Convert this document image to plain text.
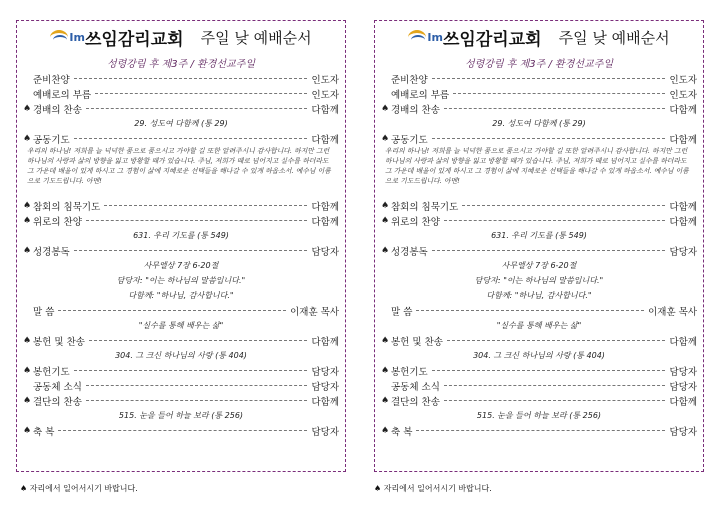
Im쓰임감리교회 주일 낮 예배순서
성령강림 후 제3주 / 환경선교주일
준비찬양	인도자
예배로의 부름	인도자
♠ 경배의 찬송	다함께
29. 성도여 다함께 (통 29)
♠ 공동기도	다함께
우리의 하나님! 저희를 늘 넉넉한 품으로 품으시고 가야할 길 또한 알려주시니 감사합니다. 하지만 그런 하나님의 사랑과 삶의 방향을 잃고 방황할 때가 있습니다. 주님, 저희가 때로 넘어지고 실수를 하더라도 그 가운데 배울이 있게 하시고 그 경험이 삶에 지혜로운 선택들을 해나갈 수 있게 하옵소서. 예수님 이름으로 기도드립니다. 아멘!
♠ 참회의 침묵기도	다함께
♠ 위로의 찬양	다함께
631. 우리 기도를 (통 549)
♠ 성경봉독	담당자
사무엘상 7장 6-20절
담당자: "이는 하나님의 말씀입니다."
다함께: "하나님, 감사합니다."
말 씀	이재훈 목사
"실수를 통해 배우는 삶"
♠ 봉헌 및 찬송	다함께
304. 그 크신 하나님의 사랑 (통 404)
♠ 봉헌기도	담당자
공동체 소식	담당자
♠ 결단의 찬송	다함께
515. 눈을 들어 하늘 보라 (통 256)
♠ 축 복	담당자
Im쓰임감리교회 주일 낮 예배순서
성령강림 후 제3주 / 환경선교주일
준비찬양	인도자
예배로의 부름	인도자
♠ 경배의 찬송	다함께
29. 성도여 다함께 (통 29)
♠ 공동기도	다함께
우리의 하나님! 저희를 늘 넉넉한 품으로 품으시고 가야할 길 또한 알려주시니 감사합니다. 하지만 그런 하나님의 사랑과 삶의 방향을 잃고 방황할 때가 있습니다. 주님, 저희가 때로 넘어지고 실수를 하더라도 그 가운데 배울이 있게 하시고 그 경험이 삶에 지혜로운 선택들을 해나갈 수 있게 하옵소서. 예수님 이름으로 기도드립니다. 아멘!
♠ 참회의 침묵기도	다함께
♠ 위로의 찬양	다함께
631. 우리 기도를 (통 549)
♠ 성경봉독	담당자
사무엘상 7장 6-20절
담당자: "이는 하나님의 말씀입니다."
다함께: "하나님, 감사합니다."
말 씀	이재훈 목사
"실수를 통해 배우는 삶"
♠ 봉헌 및 찬송	다함께
304. 그 크신 하나님의 사랑 (통 404)
♠ 봉헌기도	담당자
공동체 소식	담당자
♠ 결단의 찬송	다함께
515. 눈을 들어 하늘 보라 (통 256)
♠ 축 복	담당자
♠ 자리에서 일어서시기 바랍니다.	♠ 자리에서 일어서시기 바랍니다.
